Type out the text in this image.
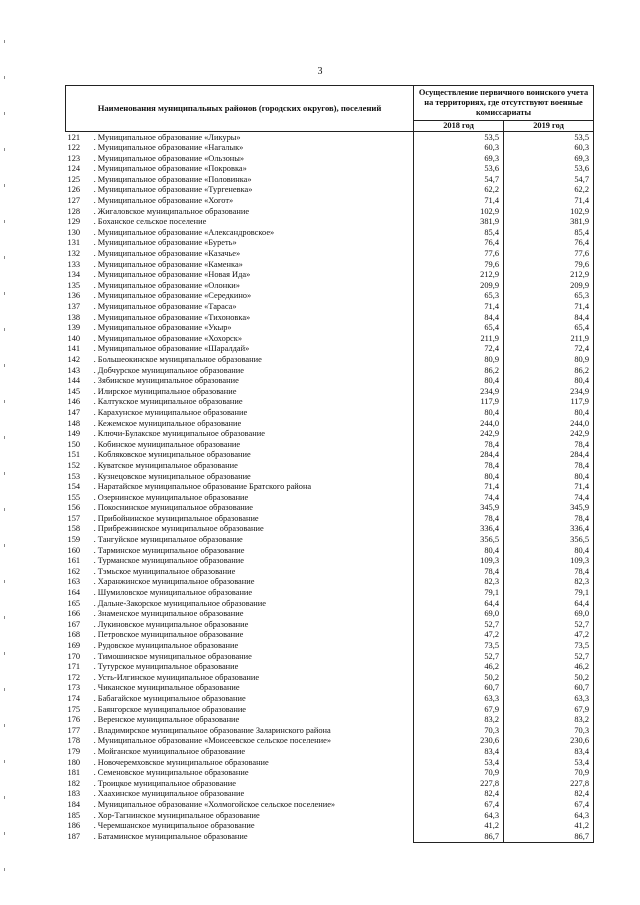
3
Наименования муниципальных районов (городских округов), поселений	Осуществление первичного воинского учета на территориях, где отсутствуют военные комиссариаты	
	2018 год	2019 год
121 . Муниципальное образование «Ликуры»	53,5	53,5
122 . Муниципальное образование «Нагалык»	60,3	60,3
123 . Муниципальное образование «Ользоны»	69,3	69,3
124 . Муниципальное образование «Покровка»	53,6	53,6
125 . Муниципальное образование «Половинка»	54,7	54,7
126 . Муниципальное образование «Тургеневка»	62,2	62,2
127 . Муниципальное образование «Хогот»	71,4	71,4
128 . Жигаловское муниципальное образование	102,9	102,9
129 . Боханское сельское поселение	381,9	381,9
130 . Муниципальное образование «Александровское»	85,4	85,4
131 . Муниципальное образование «Буреть»	76,4	76,4
132 . Муниципальное образование «Казачье»	77,6	77,6
133 . Муниципальное образование «Каменка»	79,6	79,6
134 . Муниципальное образование «Новая Ида»	212,9	212,9
135 . Муниципальное образование «Олонки»	209,9	209,9
136 . Муниципальное образование «Середкино»	65,3	65,3
137 . Муниципальное образование «Тараса»	71,4	71,4
138 . Муниципальное образование «Тихоновка»	84,4	84,4
139 . Муниципальное образование «Укыр»	65,4	65,4
140 . Муниципальное образование «Хохорск»	211,9	211,9
141 . Муниципальное образование «Шаралдай»	72,4	72,4
142 . Большеокинское муниципальное образование	80,9	80,9
143 . Добчурское муниципальное образование	86,2	86,2
144 . Зябинское муниципальное образование	80,4	80,4
145 . Илирское муниципальное образование	234,9	234,9
146 . Калтукское муниципальное образование	117,9	117,9
147 . Карахунское муниципальное образование	80,4	80,4
148 . Кежемское муниципальное образование	244,0	244,0
149 . Ключи-Булакское муниципальное образование	242,9	242,9
150 . Кобинское муниципальное образование	78,4	78,4
151 . Кобляковское муниципальное образование	284,4	284,4
152 . Куватское муниципальное образование	78,4	78,4
153 . Кузнецовское муниципальное образование	80,4	80,4
154 . Наратайское муниципальное образование Братского района	71,4	71,4
155 . Озернинское муниципальное образование	74,4	74,4
156 . Покоснинское муниципальное образование	345,9	345,9
157 . Прибойнинское муниципальное образование	78,4	78,4
158 . Прибрежнинское муниципальное образование	336,4	336,4
159 . Тангуйское муниципальное образование	356,5	356,5
160 . Тарминское муниципальное образование	80,4	80,4
161 . Турманское муниципальное образование	109,3	109,3
162 . Тэмьское муниципальное образование	78,4	78,4
163 . Харанжинское муниципальное образование	82,3	82,3
164 . Шумиловское муниципальное образование	79,1	79,1
165 . Дальне-Закорское муниципальное образование	64,4	64,4
166 . Знаменское муниципальное образование	69,0	69,0
167 . Лукиновское муниципальное образование	52,7	52,7
168 . Петровское муниципальное образование	47,2	47,2
169 . Рудовское муниципальное образование	73,5	73,5
170 . Тимошинское муниципальное образование	52,7	52,7
171 . Тутурское муниципальное образование	46,2	46,2
172 . Усть-Илгинское муниципальное образование	50,2	50,2
173 . Чиканское муниципальное образование	60,7	60,7
174 . Бабагайское муниципальное образование	63,3	63,3
175 . Баянгорское муниципальное образование	67,9	67,9
176 . Веренское муниципальное образование	83,2	83,2
177 . Владимирское муниципальное образование Заларинского района	70,3	70,3
178 . Муниципальное образование «Моисеевское сельское поселение»	230,6	230,6
179 . Мойганское муниципальное образование	83,4	83,4
180 . Новочеремховское муниципальное образование	53,4	53,4
181 . Семеновское муниципальное образование	70,9	70,9
182 . Троицкое муниципальное образование	227,8	227,8
183 . Хаахинское муниципальное образование	82,4	82,4
184 . Муниципальное образование «Холмогойское сельское поселение»	67,4	67,4
185 . Хор-Тагнинское муниципальное образование	64,3	64,3
186 . Черемшанское муниципальное образование	41,2	41,2
187 . Батаминское муниципальное образование	86,7	86,7
